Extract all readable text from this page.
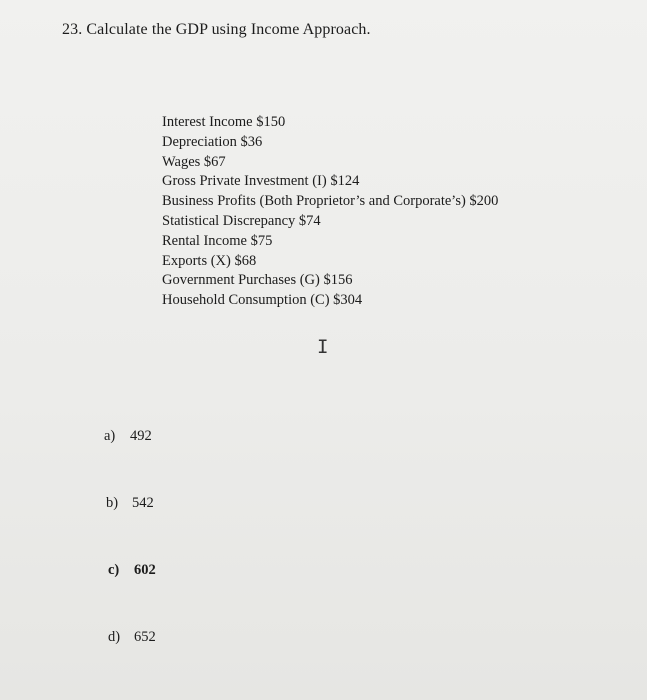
23. Calculate the GDP using Income Approach.
Interest Income $150
Depreciation $36
Wages $67
Gross Private Investment (I) $124
Business Profits (Both Proprietor’s and Corporate’s) $200
Statistical Discrepancy $74
Rental Income $75
Exports (X) $68
Government Purchases (G) $156
Household Consumption (C) $304
I
a) 492
b) 542
c) 602
d) 652
